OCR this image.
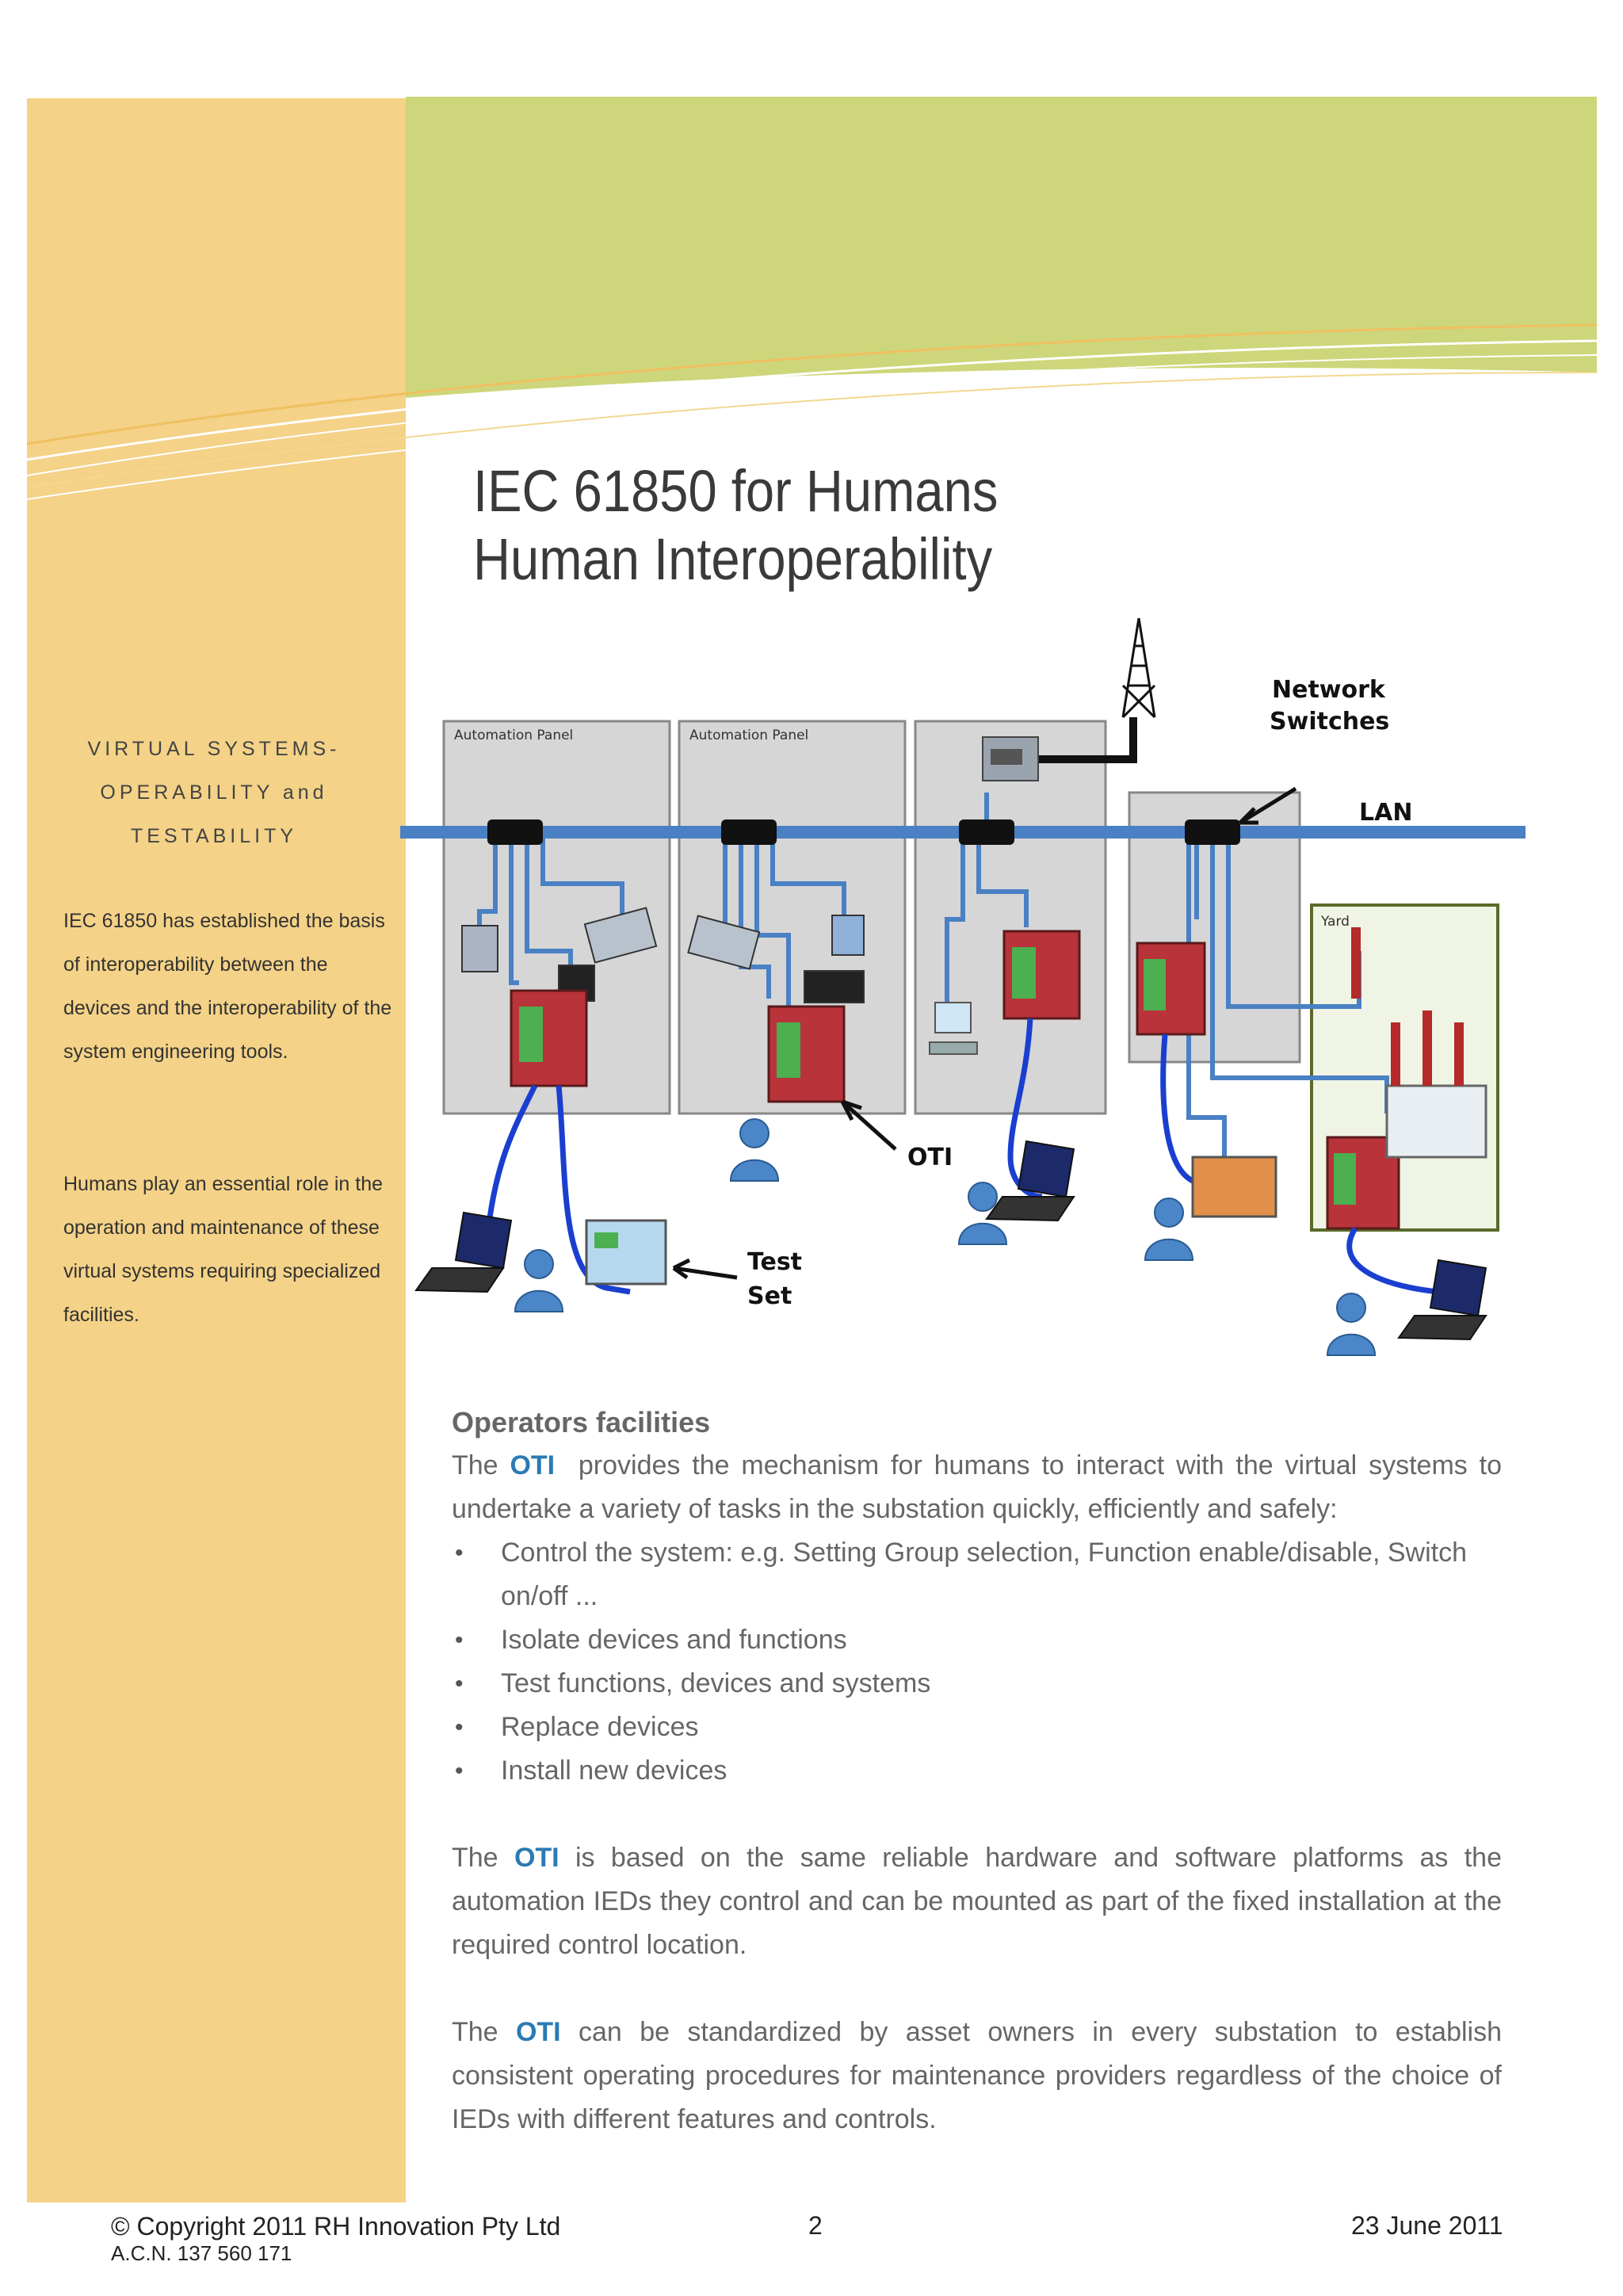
IEC 61850 for Humans
Human Interoperability
VIRTUAL SYSTEMS-OPERABILITY and TESTABILITY
IEC 61850 has established the basis of interoperability between the devices and the interoperability of the system engineering tools.
Humans play an essential role in the operation and maintenance of these virtual systems requiring specialized facilities.
Automation Panel	Automation Panel
Yard
Network
Switches
LAN
OTI
Test
Set
Operators facilities

The OTI  provides the mechanism for humans to interact with the virtual systems to undertake a variety of tasks in the substation quickly, efficiently and safely:

• Control the system: e.g. Setting Group selection, Function enable/disable, Switch on/off ...
• Isolate devices and functions
• Test functions, devices and systems
• Replace devices
• Install new devices

The OTI is based on the same reliable hardware and software platforms as the automation IEDs they control and can be mounted as part of the fixed installation at the required control location.

The OTI can be standardized by asset owners in every substation to establish consistent operating procedures for maintenance providers regardless of the choice of IEDs with different features and controls.

© Copyright 2011 RH Innovation Pty Ltd
A.C.N. 137 560 171
2	23 June 2011
